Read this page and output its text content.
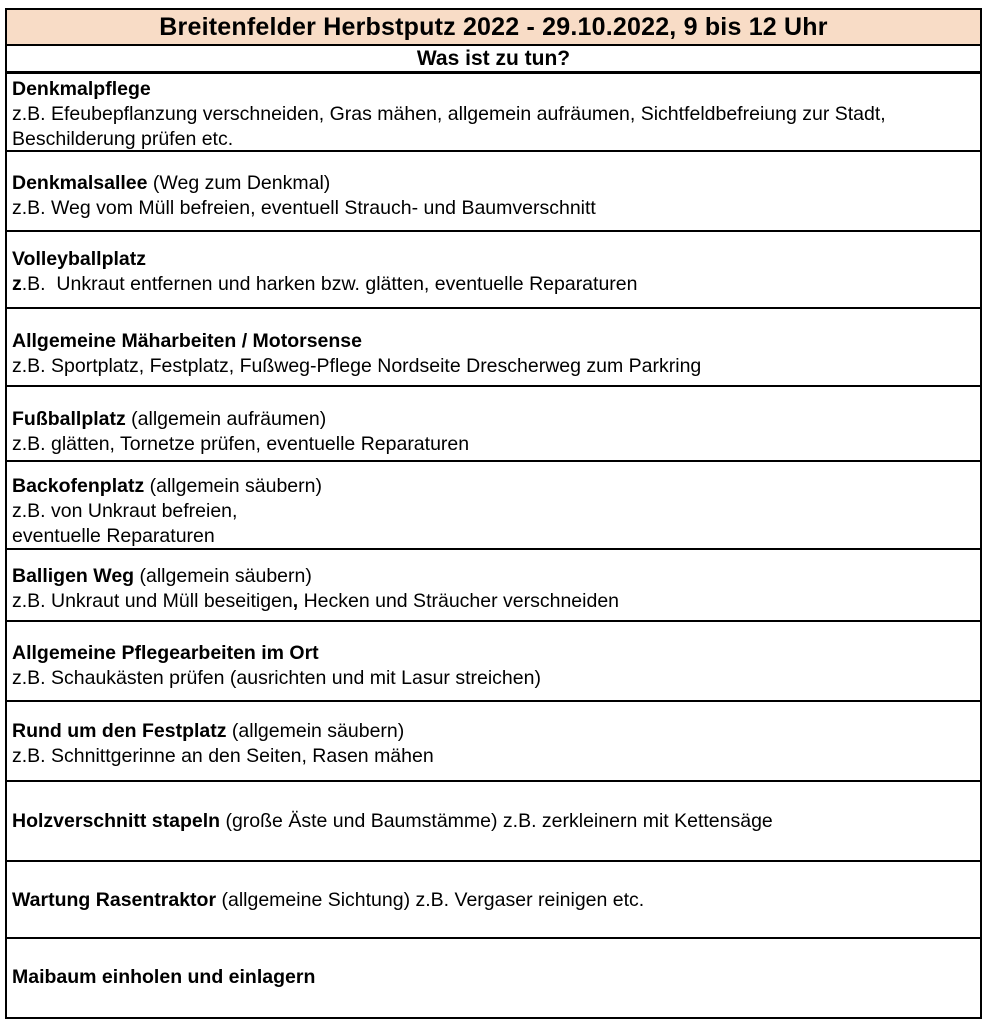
Breitenfelder Herbstputz 2022 - 29.10.2022, 9 bis 12 Uhr
Was ist zu tun?
Denkmalpflege
z.B. Efeubepflanzung verschneiden, Gras mähen, allgemein aufräumen, Sichtfeldbefreiung zur Stadt,
Beschilderung prüfen etc.
Denkmalsallee (Weg zum Denkmal)
z.B. Weg vom Müll befreien, eventuell Strauch- und Baumverschnitt
Volleyballplatz
z.B.  Unkraut entfernen und harken bzw. glätten, eventuelle Reparaturen
Allgemeine Mäharbeiten / Motorsense
z.B. Sportplatz, Festplatz, Fußweg-Pflege Nordseite Drescherweg zum Parkring
Fußballplatz (allgemein aufräumen)
z.B. glätten, Tornetze prüfen, eventuelle Reparaturen
Backofenplatz (allgemein säubern)
z.B. von Unkraut befreien,
eventuelle Reparaturen
Balligen Weg (allgemein säubern)
z.B. Unkraut und Müll beseitigen, Hecken und Sträucher verschneiden
Allgemeine Pflegearbeiten im Ort
z.B. Schaukästen prüfen (ausrichten und mit Lasur streichen)
Rund um den Festplatz (allgemein säubern)
z.B. Schnittgerinne an den Seiten, Rasen mähen
Holzverschnitt stapeln (große Äste und Baumstämme) z.B. zerkleinern mit Kettensäge
Wartung Rasentraktor (allgemeine Sichtung) z.B. Vergaser reinigen etc.
Maibaum einholen und einlagern
